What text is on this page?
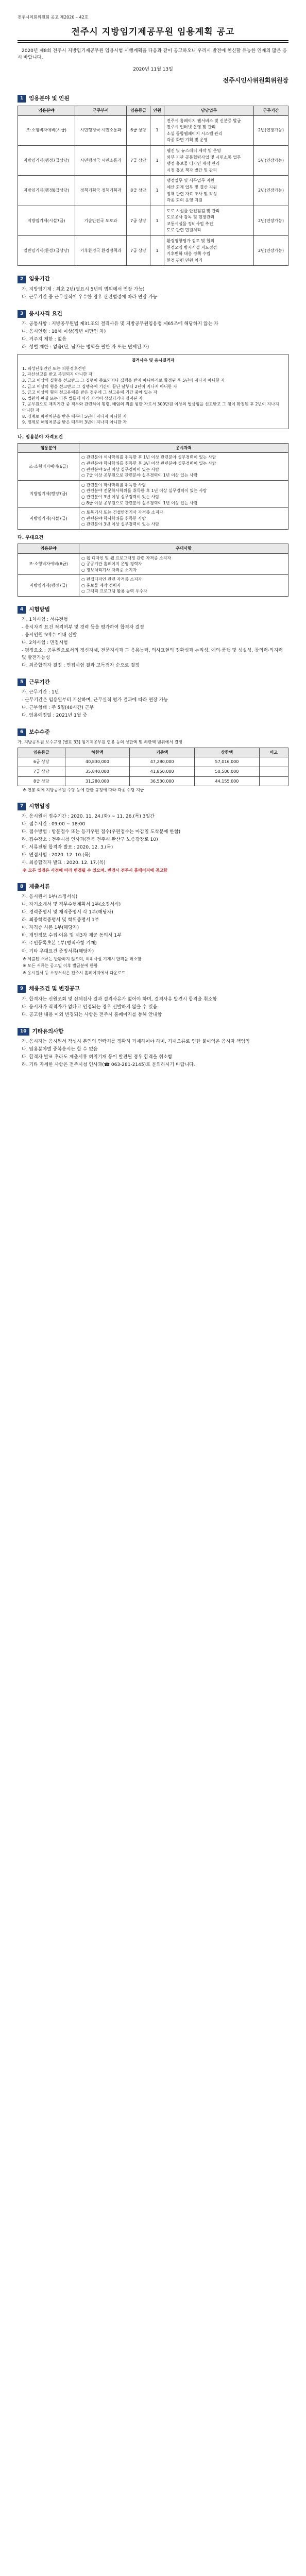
전주시의회위원회 공고 제2020 – 42호
전주시 지방임기제공무원 임용계획 공고

2020년 제8회 전주시 지방임기제공무원 임용시험 시행계획을 다음과 같이 공고하오니 우리시 발전에 헌신할 유능한 인재의 많은 응시 바랍니다.

2020년 11월 13일
전주시인사위원회위원장
1	임용분야 및 인원
임용분야	근무부서	임용등급	인원	담당업무	근무기간
조·소형비자예비(시급)	시민행정국 시민소통과	6급 상당	1	전주시 홈페이지 웹서비스 및 신분증 발급
전주시 인터넷 운영 및 관리
소셜 통합웹페이지 시스템 관리
각종 화면 기획 및 운영	2년(연장가능)
지방임기제(행정7급상당)	시민행정국 시민소통과	7급 상당	1	웹진 및 뉴스레터 제작 및 운영
외부 기관 공동협력사업 및 시민소통 업무
행정 홍보물 디자인 제작 관리
시정 홍보 책자 발간 및 관리	5년(연장가능)
지방임기제(행정8급상당)	정책기획국 정책기획과	8급 상당	1	행정업무 및 서무업무 지원
예산 회계 업무 및 결산 지원
정책 관련 자료 조사 및 작성
각종 회의 운영 지원	2년(연장가능)
지방임기제(시설7급)	기술안전국 도로과	7급 상당	1	도로 시설물 안전점검 및 관리
도로공사 감독 및 현장관리
교통시설물 정비사업 추진
도로 관련 민원처리	2년(연장가능)
일반임기제(환경7급상당)	기후환경국 환경정책과	7급 상당	1	환경영향평가 검토 및 협의
환경오염 방지시설 지도점검
기후변화 대응 정책 수립
환경 관련 민원 처리	2년(연장가능)
2	임용기간
가. 지방임기제 : 최초 2년(필요시 5년의 범위에서 연장 가능)
나. 근무기간 중 근무실적이 우수한 경우 관련법령에 따라 연장 가능
3	응시자격 요건
가. 공통사항 : 지방공무원법 제31조의 결격사유 및 지방공무원임용령 제65조에 해당하지 않는 자
나. 응시연령 : 18세 이상(정년 미만인 자)
다. 거주지 제한 : 없음
라. 성별 제한 : 없음(단, 남자는 병역을 필한 자 또는 면제된 자)
결격사유 및 응시결격자
1. 피성년후견인 또는 피한정후견인
2. 파산선고를 받고 복권되지 아니한 자
3. 금고 이상의 실형을 선고받고 그 집행이 종료되거나 집행을 받지 아니하기로 확정된 후 5년이 지나지 아니한 자
4. 금고 이상의 형을 선고받고 그 집행유예 기간이 끝난 날부터 2년이 지나지 아니한 자
5. 금고 이상의 형의 선고유예를 받은 경우에 그 선고유예 기간 중에 있는 자
6. 법원의 판결 또는 다른 법률에 따라 자격이 상실되거나 정지된 자
7. 공무원으로 재직기간 중 직무와 관련하여 횡령, 배임의 죄를 범한 자로서 300만원 이상의 벌금형을 선고받고 그 형이 확정된 후 2년이 지나지 아니한 자
8. 징계로 파면처분을 받은 때부터 5년이 지나지 아니한 자
9. 징계로 해임처분을 받은 때부터 3년이 지나지 아니한 자
나. 임용분야 자격요건
임용분야	응시자격
조·소형비자예비(6급)	○ 관련분야 석사학위를 취득한 후 1년 이상 관련분야 실무경력이 있는 사람
○ 관련분야 학사학위를 취득한 후 3년 이상 관련분야 실무경력이 있는 사람
○ 관련분야 5년 이상 실무경력이 있는 사람
○ 7급 이상 공무원으로 관련분야 실무경력이 1년 이상 있는 사람

지방임기제(행정7급)	○ 관련분야 학사학위를 취득한 사람
○ 관련분야 전문학사학위를 취득한 후 1년 이상 실무경력이 있는 사람
○ 관련분야 3년 이상 실무경력이 있는 사람
○ 8급 이상 공무원으로 관련분야 실무경력이 1년 이상 있는 사람

지방임기제(시설7급)	○ 토목기사 또는 건설안전기사 자격증 소지자
○ 관련분야 학사학위를 취득한 사람
○ 관련분야 3년 이상 실무경력이 있는 사람
다. 우대요건
임용분야	우대사항
조·소형비자예비(6급)	○ 웹 디자인 및 웹 프로그래밍 관련 자격증 소지자
○ 공공기관 홈페이지 운영 경력자
○ 정보처리기사 자격증 소지자

지방임기제(행정7급)	○ 편집디자인 관련 자격증 소지자
○ 홍보물 제작 경력자
○ 그래픽 프로그램 활용 능력 우수자
4	시험방법
가. 1차시험 : 서류전형
- 응시자격 요건 적격여부 및 경력 등을 평가하여 합격자 결정
- 응시인원 5배수 이내 선발
나. 2차시험 : 면접시험
- 평정요소 : 공무원으로서의 정신자세, 전문지식과 그 응용능력, 의사표현의 정확성과 논리성, 예의·품행 및 성실성, 창의력·의지력 및 발전가능성
다. 최종합격자 결정 : 면접시험 결과 고득점자 순으로 결정
5	근무기간
가. 근무기간 : 1년
- 근무기간은 임용일부터 기산하며, 근무실적 평가 결과에 따라 연장 가능
나. 근무형태 : 주 5일(40시간) 근무
다. 임용예정일 : 2021년 1월 중
6	보수수준

가. 지방공무원 보수규정 [별표 33] 임기제공무원 연봉 등의 상한액 및 하한액 범위에서 결정

임용등급	하한액	기준액	상한액	비고
6급 상당	40,830,000	47,280,000	57,016,000	
7급 상당	35,840,000	41,850,000	50,500,000	
8급 상당	31,280,000	36,530,000	44,155,000	

※ 연봉 외에 지방공무원 수당 등에 관한 규정에 따라 각종 수당 지급

7	시험일정
가. 응시원서 접수기간 : 2020. 11. 24.(화) ~ 11. 26.(목) 3일간
나. 접수시간 : 09:00 ~ 18:00
다. 접수방법 : 방문접수 또는 등기우편 접수(우편접수는 마감일 도착분에 한함)
라. 접수장소 : 전주시청 인사과(전북 전주시 완산구 노송광장로 10)
마. 서류전형 합격자 발표 : 2020. 12. 3.(목)
바. 면접시험 : 2020. 12. 10.(목)
사. 최종합격자 발표 : 2020. 12. 17.(목)

※ 모든 일정은 사정에 따라 변경될 수 있으며, 변경시 전주시 홈페이지에 공고함

8	제출서류
가. 응시원서 1부(소정서식)
나. 자기소개서 및 직무수행계획서 1부(소정서식)
다. 경력증명서 및 재직증명서 각 1부(해당자)
라. 최종학력증명서 및 학위증명서 1부
마. 자격증 사본 1부(해당자)
바. 개인정보 수집·이용 및 제3자 제공 동의서 1부
사. 주민등록초본 1부(병적사항 기재)
아. 기타 우대요건 증빙서류(해당자)

※ 제출된 서류는 반환하지 않으며, 허위사실 기재시 합격을 취소함

※ 모든 서류는 공고일 이후 발급분에 한함

※ 응시원서 등 소정서식은 전주시 홈페이지에서 다운로드

9	채용조건 및 변경공고
가. 합격자는 신원조회 및 신체검사 결과 결격사유가 없어야 하며, 결격사유 발견시 합격을 취소함
나. 응시자가 적격자가 없다고 인정되는 경우 선발하지 않을 수 있음
다. 공고한 내용 이외 변경되는 사항은 전주시 홈페이지를 통해 안내함
10	기타유의사항
가. 응시자는 응시원서 작성시 본인의 연락처를 정확히 기재하여야 하며, 기재오류로 인한 불이익은 응시자 책임임
나. 임용분야별 중복응시는 할 수 없음
다. 합격자 발표 후라도 제출서류 허위기재 등이 발견될 경우 합격을 취소함
라. 기타 자세한 사항은 전주시청 인사과(☎ 063-281-2145)로 문의하시기 바랍니다.
